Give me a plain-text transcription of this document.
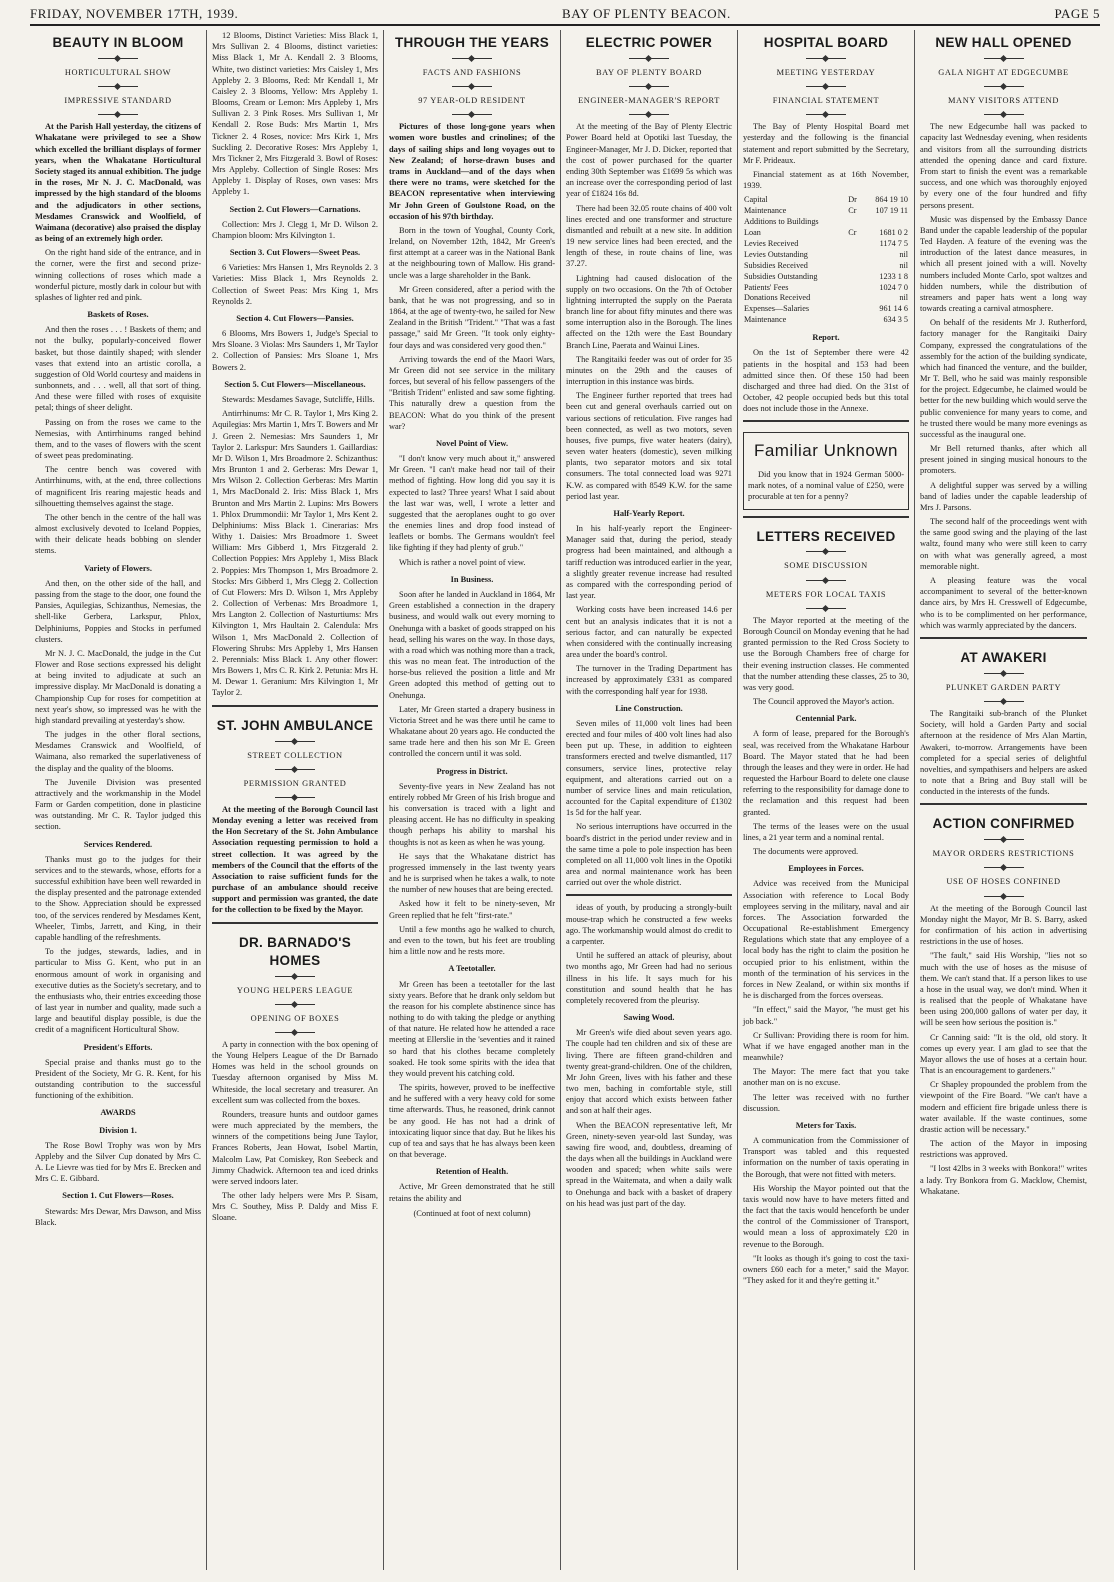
FRIDAY, NOVEMBER 17TH, 1939.	BAY OF PLENTY BEACON.	PAGE 5
BEAUTY IN BLOOM
HORTICULTURAL SHOW
IMPRESSIVE STANDARD

At the Parish Hall yesterday, the citizens of Whakatane were privileged to see a Show which excelled the brilliant displays of former years, when the Whakatane Horticultural Society staged its annual exhibition. The judge in the roses, Mr N. J. C. MacDonald, was impressed by the high standard of the blooms and the adjudicators in other sections, Mesdames Cranswick and Woolfield, of Waimana (decorative) also praised the display as being of an extremely high order.

On the right hand side of the entrance, and in the corner, were the first and second prize-winning collections of roses which made a wonderful picture, mostly dark in colour but with splashes of lighter red and pink.

Baskets of Roses.

And then the roses . . . ! Baskets of them; and not the bulky, popularly-conceived flower basket, but those daintily shaped; with slender vases that extend into an artistic corolla, a suggestion of Old World courtesy and maidens in sunbonnets, and . . . well, all that sort of thing. And these were filled with roses of exquisite petal; things of sheer delight.

Passing on from the roses we came to the Nemesias, with Antirrhinums ranged behind them, and to the vases of flowers with the scent of sweet peas predominating.

The centre bench was covered with Antirrhinums, with, at the end, three collections of magnificent Iris rearing majestic heads and silhouetting themselves against the stage.

The other bench in the centre of the hall was almost exclusively devoted to Iceland Poppies, with their delicate heads bobbing on slender stems.

Variety of Flowers.

And then, on the other side of the hall, and passing from the stage to the door, one found the Pansies, Aquilegias, Schizanthus, Nemesias, the shell-like Gerbera, Larkspur, Phlox, Delphiniums, Poppies and Stocks in perfumed clusters.

Mr N. J. C. MacDonald, the judge in the Cut Flower and Rose sections expressed his delight at being invited to adjudicate at such an impressive display. Mr MacDonald is donating a Championship Cup for roses for competition at next year's show, so impressed was he with the high standard prevailing at yesterday's show.

The judges in the other floral sections, Mesdames Cranswick and Woolfield, of Waimana, also remarked the superlativeness of the display and the quality of the blooms.

The Juvenile Division was presented attractively and the workmanship in the Model Farm or Garden competition, done in plasticine was outstanding. Mr C. R. Taylor judged this section.

Services Rendered.

Thanks must go to the judges for their services and to the stewards, whose, efforts for a successful exhibition have been well rewarded in the display presented and the patronage extended to the Show. Appreciation should be expressed too, of the services rendered by Mesdames Kent, Wheeler, Timbs, Jarrett, and King, in their capable handling of the refreshments.

To the judges, stewards, ladies, and in particular to Miss G. Kent, who put in an enormous amount of work in organising and executive duties as the Society's secretary, and to the enthusiasts who, their entries exceeding those of last year in number and quality, made such a large and beautiful display possible, is due the credit of a magnificent Horticultural Show.

President's Efforts.

Special praise and thanks must go to the President of the Society, Mr G. R. Kent, for his outstanding contribution to the successful functioning of the exhibition.

AWARDS
Division 1.

The Rose Bowl Trophy was won by Mrs Appleby and the Silver Cup donated by Mrs C. A. Le Lievre was tied for by Mrs E. Brecken and Mrs C. E. Gibbard.

Section 1. Cut Flowers—Roses.

Stewards: Mrs Dewar, Mrs Dawson, and Miss Black.

12 Blooms, Distinct Varieties: Miss Black 1, Mrs Sullivan 2. 4 Blooms, distinct varieties: Miss Black 1, Mr A. Kendall 2. 3 Blooms, White, two distinct varieties: Mrs Caisley 1, Mrs Appleby 2. 3 Blooms, Red: Mr Kendall 1, Mr Caisley 2. 3 Blooms, Yellow: Mrs Appleby 1. Blooms, Cream or Lemon: Mrs Appleby 1, Mrs Sullivan 2. 3 Pink Roses. Mrs Sullivan 1, Mr Kendall 2. Rose Buds: Mrs Martin 1, Mrs Tickner 2. 4 Roses, novice: Mrs Kirk 1, Mrs Suckling 2. Decorative Roses: Mrs Appleby 1, Mrs Tickner 2, Mrs Fitzgerald 3. Bowl of Roses: Mrs Appleby. Collection of Single Roses: Mrs Appleby 1. Display of Roses, own vases: Mrs Appleby 1.

Section 2. Cut Flowers—Carnations.

Collection: Mrs J. Clegg 1, Mr D. Wilson 2. Champion bloom: Mrs Kilvington 1.

Section 3. Cut Flowers—Sweet Peas.

6 Varieties: Mrs Hansen 1, Mrs Reynolds 2. 3 Varieties: Miss Black 1, Mrs Reynolds 2. Collection of Sweet Peas: Mrs King 1, Mrs Reynolds 2.

Section 4. Cut Flowers—Pansies.

6 Blooms, Mrs Bowers 1, Judge's Special to Mrs Sloane. 3 Violas: Mrs Saunders 1, Mr Taylor 2. Collection of Pansies: Mrs Sloane 1, Mrs Bowers 2.

Section 5. Cut Flowers—Miscellaneous.

Stewards: Mesdames Savage, Sutcliffe, Hills.

Antirrhinums: Mr C. R. Taylor 1, Mrs King 2. Aquilegias: Mrs Martin 1, Mrs T. Bowers and Mr J. Green 2. Nemesias: Mrs Saunders 1, Mr Taylor 2. Larkspur: Mrs Saunders 1. Gaillardias: Mr D. Wilson 1, Mrs Broadmore 2. Schizanthus: Mrs Brunton 1 and 2. Gerberas: Mrs Dewar 1, Mrs Wilson 2. Collection Gerberas: Mrs Martin 1, Mrs MacDonald 2. Iris: Miss Black 1, Mrs Brunton and Mrs Martin 2. Lupins: Mrs Bowers 1. Phlox Drummondii: Mr Taylor 1, Mrs Kent 2. Delphiniums: Miss Black 1. Cinerarias: Mrs Withy 1. Daisies: Mrs Broadmore 1. Sweet William: Mrs Gibberd 1, Mrs Fitzgerald 2. Collection Poppies: Mrs Appleby 1, Miss Black 2. Poppies: Mrs Thompson 1, Mrs Broadmore 2. Stocks: Mrs Gibberd 1, Mrs Clegg 2. Collection of Cut Flowers: Mrs D. Wilson 1, Mrs Appleby 2. Collection of Verbenas: Mrs Broadmore 1, Mrs Langton 2. Collection of Nasturtiums: Mrs Kilvington 1, Mrs Haultain 2. Calendula: Mrs Wilson 1, Mrs MacDonald 2. Collection of Flowering Shrubs: Mrs Appleby 1, Mrs Hansen 2. Perennials: Miss Black 1. Any other flower: Mrs Bowers 1, Mrs C. R. Kirk 2. Petunia: Mrs H. M. Dewar 1. Geranium: Mrs Kilvington 1, Mr Taylor 2.

ST. JOHN AMBULANCE
STREET COLLECTION
PERMISSION GRANTED

At the meeting of the Borough Council last Monday evening a letter was received from the Hon Secretary of the St. John Ambulance Association requesting permission to hold a street collection. It was agreed by the members of the Council that the efforts of the Association to raise sufficient funds for the purchase of an ambulance should receive support and permission was granted, the date for the collection to be fixed by the Mayor.

DR. BARNADO'S HOMES
YOUNG HELPERS LEAGUE
OPENING OF BOXES

A party in connection with the box opening of the Young Helpers League of the Dr Barnado Homes was held in the school grounds on Tuesday afternoon organised by Miss M. Whiteside, the local secretary and treasurer. An excellent sum was collected from the boxes.

Rounders, treasure hunts and outdoor games were much appreciated by the members, the winners of the competitions being June Taylor, Frances Roberts, Jean Howat, Isobel Martin, Malcolm Law, Pat Comiskey, Ron Seebeck and Jimmy Chadwick. Afternoon tea and iced drinks were served indoors later.

The other lady helpers were Mrs P. Sisam, Mrs C. Southey, Miss P. Daldy and Miss F. Sloane.

THROUGH THE YEARS
FACTS AND FASHIONS
97 YEAR-OLD RESIDENT

Pictures of those long-gone years when women wore bustles and crinolines; of the days of sailing ships and long voyages out to New Zealand; of horse-drawn buses and trams in Auckland—and of the days when there were no trams, were sketched for the BEACON representative when interviewing Mr John Green of Goulstone Road, on the occasion of his 97th birthday.

Born in the town of Youghal, County Cork, Ireland, on November 12th, 1842, Mr Green's first attempt at a career was in the National Bank at the neighbouring town of Mallow. His grand-uncle was a large shareholder in the Bank.

Mr Green considered, after a period with the bank, that he was not progressing, and so in 1864, at the age of twenty-two, he sailed for New Zealand in the British "Trident." "That was a fast passage," said Mr Green. "It took only eighty-four days and was considered very good then."

Arriving towards the end of the Maori Wars, Mr Green did not see service in the military forces, but several of his fellow passengers of the "British Trident" enlisted and saw some fighting. This naturally drew a question from the BEACON: What do you think of the present war?

Novel Point of View.

"I don't know very much about it," answered Mr Green. "I can't make head nor tail of their method of fighting. How long did you say it is expected to last? Three years! What I said about the last war was, well, I wrote a letter and suggested that the aeroplanes ought to go over the enemies lines and drop food instead of leaflets or bombs. The Germans wouldn't feel like fighting if they had plenty of grub."

Which is rather a novel point of view.

In Business.

Soon after he landed in Auckland in 1864, Mr Green established a connection in the drapery business, and would walk out every morning to Onehunga with a basket of goods strapped on his head, selling his wares on the way. In those days, with a road which was nothing more than a track, this was no mean feat. The introduction of the horse-bus relieved the position a little and Mr Green adopted this method of getting out to Onehunga.

Later, Mr Green started a drapery business in Victoria Street and he was there until he came to Whakatane about 20 years ago. He conducted the same trade here and then his son Mr E. Green controlled the concern until it was sold.

Progress in District.

Seventy-five years in New Zealand has not entirely robbed Mr Green of his Irish brogue and his conversation is traced with a light and pleasing accent. He has no difficulty in speaking though perhaps his ability to marshal his thoughts is not as keen as when he was young.

He says that the Whakatane district has progressed immensely in the last twenty years and he is surprised when he takes a walk, to note the number of new houses that are being erected.

Asked how it felt to be ninety-seven, Mr Green replied that he felt "first-rate."

Until a few months ago he walked to church, and even to the town, but his feet are troubling him a little now and he rests more.

A Teetotaller.

Mr Green has been a teetotaller for the last sixty years. Before that he drank only seldom but the reason for his complete abstinence since has nothing to do with taking the pledge or anything of that nature. He related how he attended a race meeting at Ellerslie in the 'seventies and it rained so hard that his clothes became completely soaked. He took some spirits with the idea that they would prevent his catching cold.

The spirits, however, proved to be ineffective and he suffered with a very heavy cold for some time afterwards. Thus, he reasoned, drink cannot be any good. He has not had a drink of intoxicating liquor since that day. But he likes his cup of tea and says that he has always been keen on that beverage.

Retention of Health.

Active, Mr Green demonstrated that he still retains the ability and

(Continued at foot of next column)
ELECTRIC POWER
BAY OF PLENTY BOARD
ENGINEER-MANAGER'S REPORT

At the meeting of the Bay of Plenty Electric Power Board held at Opotiki last Tuesday, the Engineer-Manager, Mr J. D. Dicker, reported that the cost of power purchased for the quarter ending 30th September was £1699 5s which was an increase over the corresponding period of last year of £1824 16s 8d.

There had been 32.05 route chains of 400 volt lines erected and one transformer and structure dismantled and rebuilt at a new site. In addition 19 new service lines had been erected, and the length of these, in route chains of line, was 37.27.

Lightning had caused dislocation of the supply on two occasions. On the 7th of October lightning interrupted the supply on the Paerata branch line for about fifty minutes and there was some interruption also in the Borough. The lines affected on the 12th were the East Boundary Branch Line, Paerata and Wainui Lines.

The Rangitaiki feeder was out of order for 35 minutes on the 29th and the causes of interruption in this instance was birds.

The Engineer further reported that trees had been cut and general overhauls carried out on various sections of reticulation. Five ranges had been connected, as well as two motors, seven houses, five pumps, five water heaters (dairy), seven water heaters (domestic), seven milking plants, two separator motors and six total consumers. The total connected load was 9271 K.W. as compared with 8549 K.W. for the same period last year.

Half-Yearly Report.

In his half-yearly report the Engineer-Manager said that, during the period, steady progress had been maintained, and although a tariff reduction was introduced earlier in the year, a slightly greater revenue increase had resulted as compared with the corresponding period of last year.

Working costs have been increased 14.6 per cent but an analysis indicates that it is not a serious factor, and can naturally be expected when considered with the continually increasing area under the board's control.

The turnover in the Trading Department has increased by approximately £331 as compared with the corresponding half year for 1938.

Line Construction.

Seven miles of 11,000 volt lines had been erected and four miles of 400 volt lines had also been put up. These, in addition to eighteen transformers erected and twelve dismantled, 117 consumers, service lines, protective relay equipment, and alterations carried out on a number of service lines and main reticulation, accounted for the Capital expenditure of £1302 1s 5d for the half year.

No serious interruptions have occurred in the board's district in the period under review and in the same time a pole to pole inspection has been completed on all 11,000 volt lines in the Opotiki area and normal maintenance work has been carried out over the whole district.

ideas of youth, by producing a strongly-built mouse-trap which he constructed a few weeks ago. The workmanship would almost do credit to a carpenter.

Until he suffered an attack of pleurisy, about two months ago, Mr Green had had no serious illness in his life. It says much for his constitution and sound health that he has completely recovered from the pleurisy.

Sawing Wood.

Mr Green's wife died about seven years ago. The couple had ten children and six of these are living. There are fifteen grand-children and twenty great-grand-children. One of the children, Mr John Green, lives with his father and these two men, baching in comfortable style, still enjoy that accord which exists between father and son at half their ages.

When the BEACON representative left, Mr Green, ninety-seven year-old last Sunday, was sawing fire wood, and, doubtless, dreaming of the days when all the buildings in Auckland were wooden and spaced; when white sails were spread in the Waitemata, and when a daily walk to Onehunga and back with a basket of drapery on his head was just part of the day.

HOSPITAL BOARD
MEETING YESTERDAY
FINANCIAL STATEMENT

The Bay of Plenty Hospital Board met yesterday and the following is the financial statement and report submitted by the Secretary, Mr F. Prideaux.

Financial statement as at 16th November, 1939.

Capital	Dr	864 19 10
Maintenance	Cr	107 19 11
Additions to Buildings		
Loan	Cr	1681 0 2
Levies Received		1174 7 5
Levies Outstanding		nil
Subsidies Received		nil
Subsidies Outstanding		1233 1 8
Patients' Fees		1024 7 0
Donations Received		nil
Expenses—Salaries		961 14 6
Maintenance		634 3 5
Report.

On the 1st of September there were 42 patients in the hospital and 153 had been admitted since then. Of these 150 had been discharged and three had died. On the 31st of October, 42 people occupied beds but this total does not include those in the Annexe.

Familiar Unknown

Did you know that in 1924 German 5000-mark notes, of a nominal value of £250, were procurable at ten for a penny?

LETTERS RECEIVED
SOME DISCUSSION
METERS FOR LOCAL TAXIS

The Mayor reported at the meeting of the Borough Council on Monday evening that he had granted permission to the Red Cross Society to use the Borough Chambers free of charge for their evening instruction classes. He commented that the number attending these classes, 25 to 30, was very good.

The Council approved the Mayor's action.

Centennial Park.

A form of lease, prepared for the Borough's seal, was received from the Whakatane Harbour Board. The Mayor stated that he had been through the leases and they were in order. He had requested the Harbour Board to delete one clause referring to the responsibility for damage done to the reclamation and this request had been granted.

The terms of the leases were on the usual lines, a 21 year term and a nominal rental.

The documents were approved.

Employees in Forces.

Advice was received from the Municipal Association with reference to Local Body employees serving in the military, naval and air forces. The Association forwarded the Occupational Re-establishment Emergency Regulations which state that any employee of a local body has the right to claim the position he occupied prior to his enlistment, within the month of the termination of his services in the forces in New Zealand, or within six months if he is discharged from the forces overseas.

"In effect," said the Mayor, "he must get his job back."

Cr Sullivan: Providing there is room for him. What if we have engaged another man in the meanwhile?

The Mayor: The mere fact that you take another man on is no excuse.

The letter was received with no further discussion.

Meters for Taxis.

A communication from the Commissioner of Transport was tabled and this requested information on the number of taxis operating in the Borough, that were not fitted with meters.

His Worship the Mayor pointed out that the taxis would now have to have meters fitted and the fact that the taxis would henceforth be under the control of the Commissioner of Transport, would mean a loss of approximately £20 in revenue to the Borough.

"It looks as though it's going to cost the taxi-owners £60 each for a meter," said the Mayor. "They asked for it and they're getting it."

NEW HALL OPENED
GALA NIGHT AT EDGECUMBE
MANY VISITORS ATTEND

The new Edgecumbe hall was packed to capacity last Wednesday evening, when residents and visitors from all the surrounding districts attended the opening dance and card fixture. From start to finish the event was a remarkable success, and one which was thoroughly enjoyed by every one of the four hundred and fifty persons present.

Music was dispensed by the Embassy Dance Band under the capable leadership of the popular Ted Hayden. A feature of the evening was the introduction of the latest dance measures, in which all present joined with a will. Novelty numbers included Monte Carlo, spot waltzes and hidden numbers, while the distribution of streamers and paper hats went a long way towards creating a carnival atmosphere.

On behalf of the residents Mr J. Rutherford, factory manager for the Rangitaiki Dairy Company, expressed the congratulations of the assembly for the action of the building syndicate, which had financed the venture, and the builder, Mr T. Bell, who he said was mainly responsible for the project. Edgecumbe, he claimed would be better for the new building which would serve the public convenience for many years to come, and he trusted there would be many more evenings as successful as the inaugural one.

Mr Bell returned thanks, after which all present joined in singing musical honours to the promoters.

A delightful supper was served by a willing band of ladies under the capable leadership of Mrs J. Parsons.

The second half of the proceedings went with the same good swing and the playing of the last waltz, found many who were still keen to carry on with what was generally agreed, a most memorable night.

A pleasing feature was the vocal accompaniment to several of the better-known dance airs, by Mrs H. Cresswell of Edgecumbe, who is to be complimented on her performance, which was warmly appreciated by the dancers.

AT AWAKERI
PLUNKET GARDEN PARTY

The Rangitaiki sub-branch of the Plunket Society, will hold a Garden Party and social afternoon at the residence of Mrs Alan Martin, Awakeri, to-morrow. Arrangements have been completed for a special series of delightful novelties, and sympathisers and helpers are asked to note that a Bring and Buy stall will be conducted in the interests of the funds.

ACTION CONFIRMED
MAYOR ORDERS RESTRICTIONS
USE OF HOSES CONFINED

At the meeting of the Borough Council last Monday night the Mayor, Mr B. S. Barry, asked for confirmation of his action in advertising restrictions in the use of hoses.

"The fault," said His Worship, "lies not so much with the use of hoses as the misuse of them. We can't stand that. If a person likes to use a hose in the usual way, we don't mind. When it is realised that the people of Whakatane have been using 200,000 gallons of water per day, it will be seen how serious the position is."

Cr Canning said: "It is the old, old story. It comes up every year. I am glad to see that the Mayor allows the use of hoses at a certain hour. That is an encouragement to gardeners."

Cr Shapley propounded the problem from the viewpoint of the Fire Board. "We can't have a modern and efficient fire brigade unless there is water available. If the waste continues, some drastic action will be necessary."

The action of the Mayor in imposing restrictions was approved.

"I lost 42lbs in 3 weeks with Bonkora!" writes a lady. Try Bonkora from G. Macklow, Chemist, Whakatane.
